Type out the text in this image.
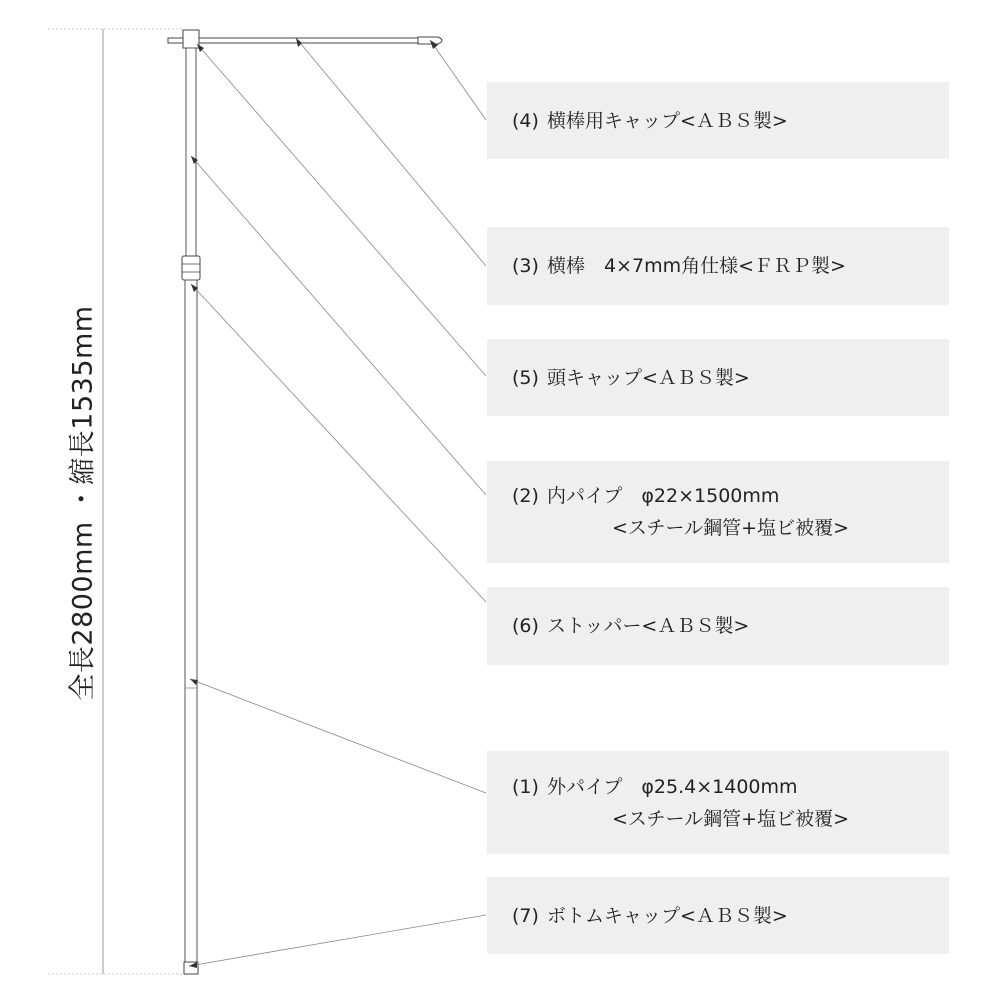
全長2800mm ・縮長1535mm
(4) 横棒用キャップ<ＡＢＳ製>
(3) 横棒　4×7mm角仕様<ＦＲＰ製>
(5) 頭キャップ<ＡＢＳ製>
(2) 内パイプ　φ22×1500mm
<スチール鋼管+塩ビ被覆>
(6) ストッパー<ＡＢＳ製>
(1) 外パイプ　φ25.4×1400mm
<スチール鋼管+塩ビ被覆>
(7) ボトムキャップ<ＡＢＳ製>
